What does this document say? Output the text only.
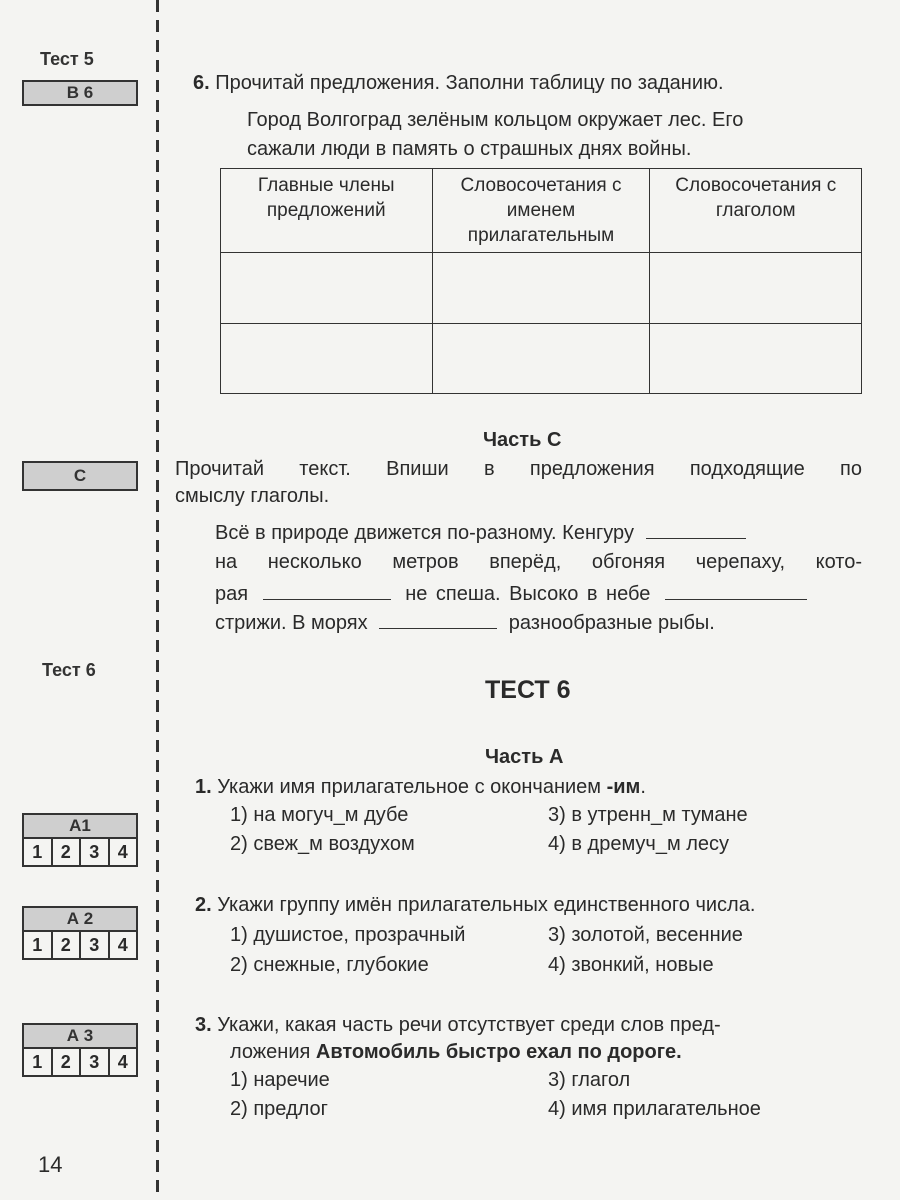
Тест 5
В 6
С
Тест 6
А1
1	2	3	4
А 2
1	2	3	4
А 3
1	2	3	4
14
6. Прочитай предложения. Заполни таблицу по заданию.
Город Волгоград зелёным кольцом окружает лес. Его
сажали люди в память о страшных днях войны.
Главные члены предложений	Словосочетания с именем прилагательным	Словосочетания с глаголом

Часть С
Прочитай текст. Впиши в предложения подходящие по
смыслу глаголы.
Всё в природе движется по-разному. Кенгуру
на несколько метров вперёд, обгоняя черепаху, кото-
рая	не спеша. Высоко в небе
стрижи. В морях	разнообразные рыбы.
ТЕСТ 6
Часть А
1. Укажи имя прилагательное с окончанием -им.
1) на могуч_м дубе
2) свеж_м воздухом
3) в утренн_м тумане
4) в дремуч_м лесу
2. Укажи группу имён прилагательных единственного числа.
1) душистое, прозрачный
2) снежные, глубокие
3) золотой, весенние
4) звонкий, новые
3. Укажи, какая часть речи отсутствует среди слов пред-
ложения Автомобиль быстро ехал по дороге.
1) наречие
2) предлог
3) глагол
4) имя прилагательное
